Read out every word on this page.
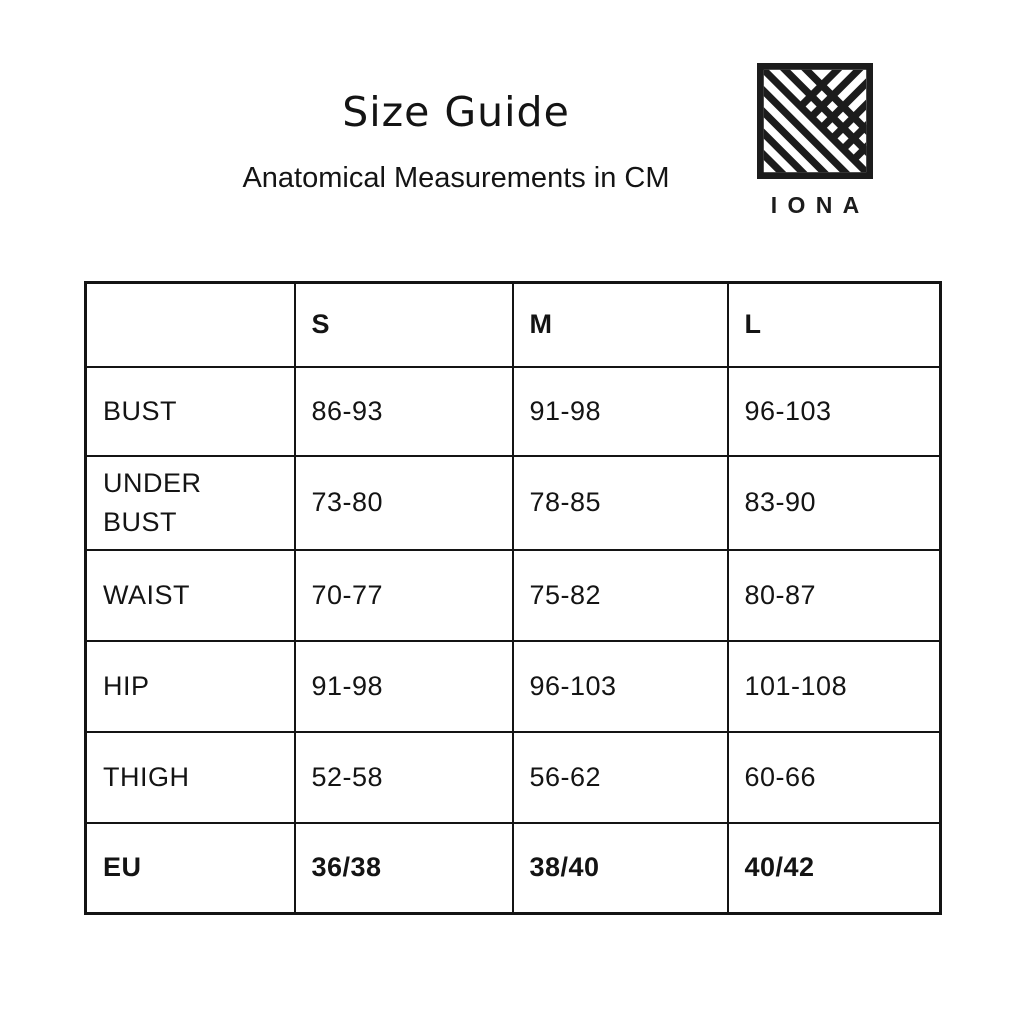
Size Guide
Anatomical Measurements in CM
IONA
	S	M	L
BUST	86-93	91-98	96-103
UNDER BUST	73-80	78-85	83-90
WAIST	70-77	75-82	80-87
HIP	91-98	96-103	101-108
THIGH	52-58	56-62	60-66
EU	36/38	38/40	40/42
